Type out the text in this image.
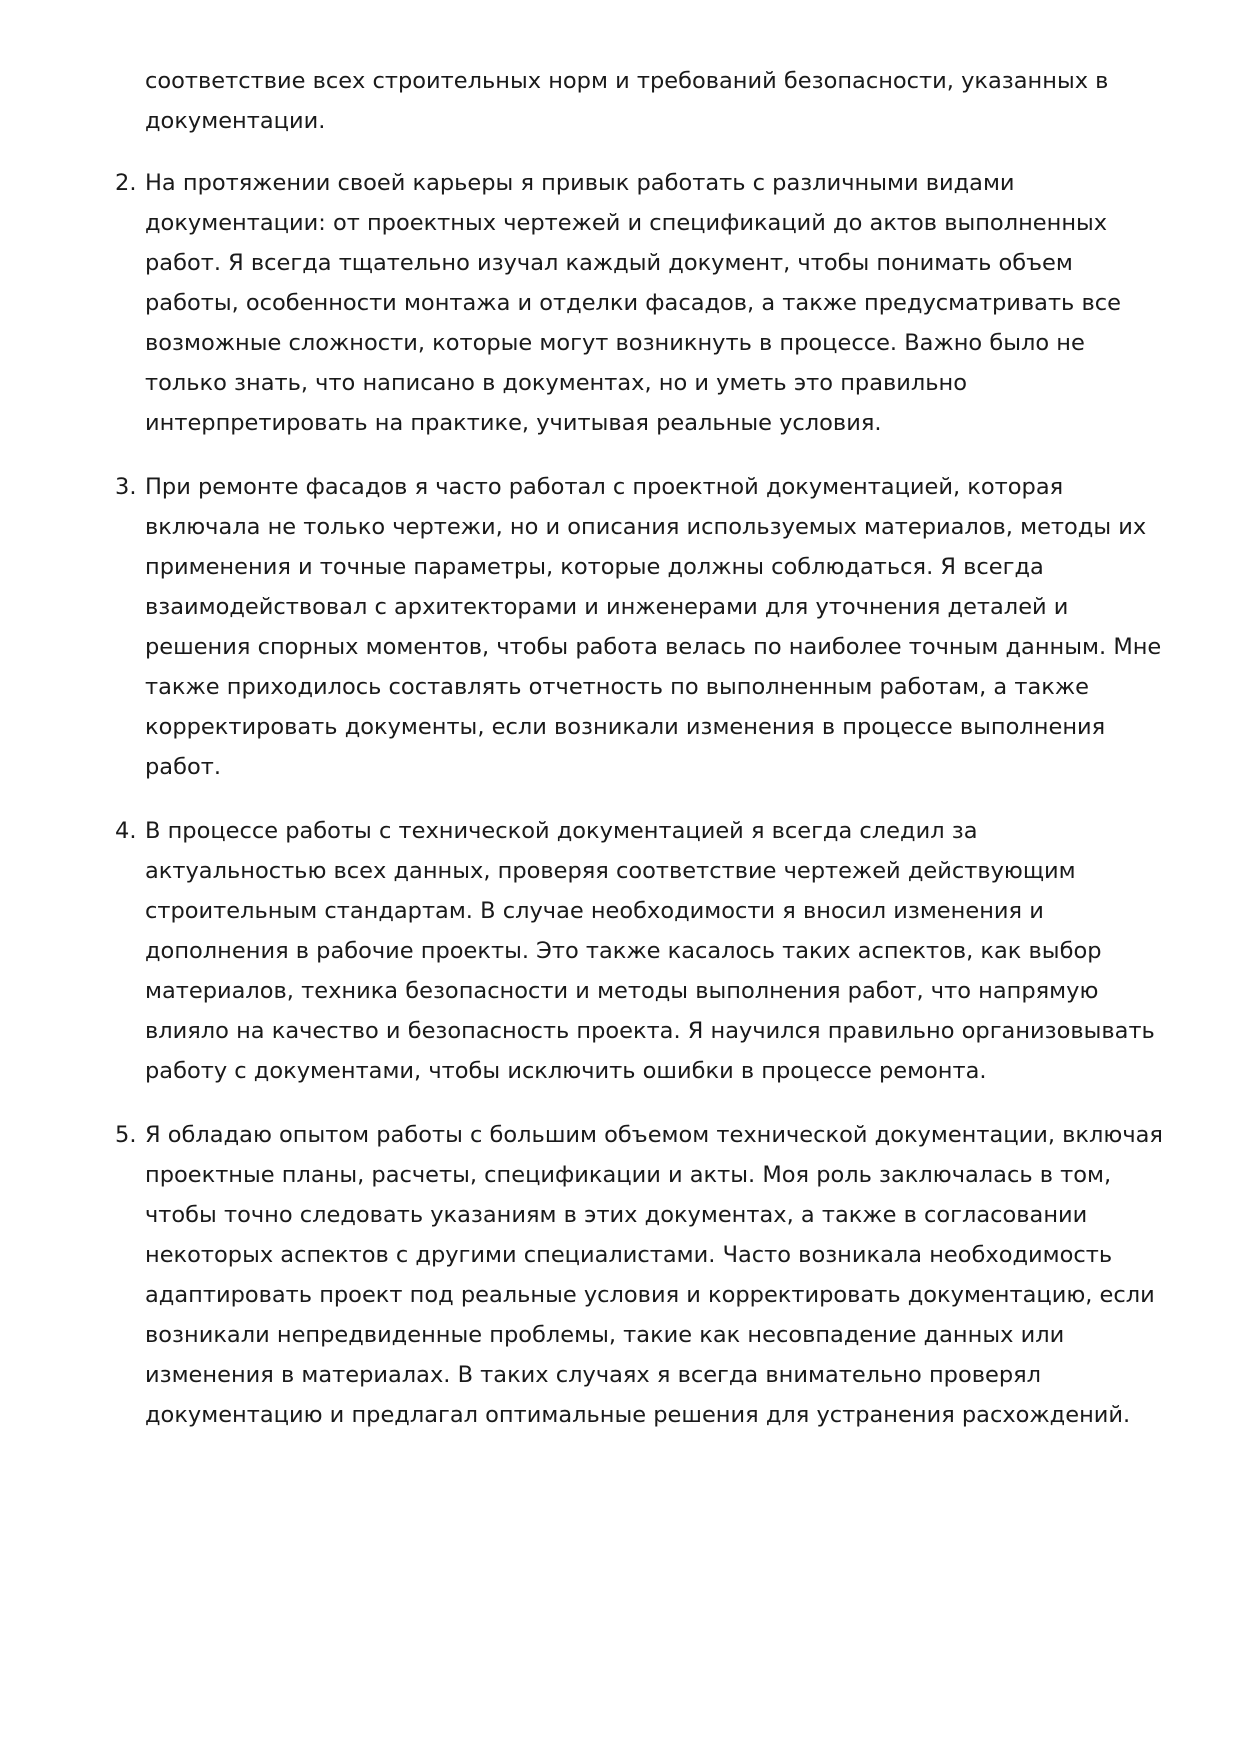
соответствие всех строительных норм и требований безопасности, указанных в документации.

2. На протяжении своей карьеры я привык работать с различными видами документации: от проектных чертежей и спецификаций до актов выполненных работ. Я всегда тщательно изучал каждый документ, чтобы понимать объем работы, особенности монтажа и отделки фасадов, а также предусматривать все возможные сложности, которые могут возникнуть в процессе. Важно было не только знать, что написано в документах, но и уметь это правильно интерпретировать на практике, учитывая реальные условия.
3. При ремонте фасадов я часто работал с проектной документацией, которая включала не только чертежи, но и описания используемых материалов, методы их применения и точные параметры, которые должны соблюдаться. Я всегда взаимодействовал с архитекторами и инженерами для уточнения деталей и решения спорных моментов, чтобы работа велась по наиболее точным данным. Мне также приходилось составлять отчетность по выполненным работам, а также корректировать документы, если возникали изменения в процессе выполнения работ.
4. В процессе работы с технической документацией я всегда следил за актуальностью всех данных, проверяя соответствие чертежей действующим строительным стандартам. В случае необходимости я вносил изменения и дополнения в рабочие проекты. Это также касалось таких аспектов, как выбор материалов, техника безопасности и методы выполнения работ, что напрямую влияло на качество и безопасность проекта. Я научился правильно организовывать работу с документами, чтобы исключить ошибки в процессе ремонта.
5. Я обладаю опытом работы с большим объемом технической документации, включая проектные планы, расчеты, спецификации и акты. Моя роль заключалась в том, чтобы точно следовать указаниям в этих документах, а также в согласовании некоторых аспектов с другими специалистами. Часто возникала необходимость адаптировать проект под реальные условия и корректировать документацию, если возникали непредвиденные проблемы, такие как несовпадение данных или изменения в материалах. В таких случаях я всегда внимательно проверял документацию и предлагал оптимальные решения для устранения расхождений.
